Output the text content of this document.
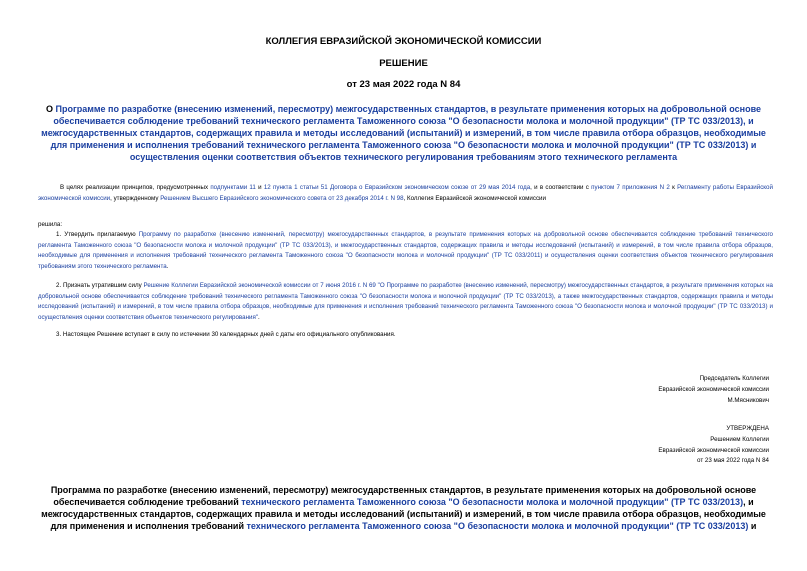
КОЛЛЕГИЯ ЕВРАЗИЙСКОЙ ЭКОНОМИЧЕСКОЙ КОМИССИИ
РЕШЕНИЕ
от 23 мая 2022 года N 84
О Программе по разработке (внесению изменений, пересмотру) межгосударственных стандартов, в результате применения которых на добровольной основе обеспечивается соблюдение требований технического регламента Таможенного союза "О безопасности молока и молочной продукции" (ТР ТС 033/2013), и межгосударственных стандартов, содержащих правила и методы исследований (испытаний) и измерений, в том числе правила отбора образцов, необходимые для применения и исполнения требований технического регламента Таможенного союза "О безопасности молока и молочной продукции" (ТР ТС 033/2013) и осуществления оценки соответствия объектов технического регулирования требованиям этого технического регламента
В целях реализации принципов, предусмотренных подпунктами 11 и 12 пункта 1 статьи 51 Договора о Евразийском экономическом союзе от 29 мая 2014 года, и в соответствии с пунктом 7 приложения N 2 к Регламенту работы Евразийской экономической комиссии, утвержденному Решением Высшего Евразийского экономического совета от 23 декабря 2014 г. N 98, Коллегия Евразийской экономической комиссии
решила:
1. Утвердить прилагаемую Программу по разработке (внесению изменений, пересмотру) межгосударственных стандартов, в результате применения которых на добровольной основе обеспечивается соблюдение требований технического регламента Таможенного союза "О безопасности молока и молочной продукции" (ТР ТС 033/2013), и межгосударственных стандартов, содержащих правила и методы исследований (испытаний) и измерений, в том числе правила отбора образцов, необходимые для применения и исполнения требований технического регламента Таможенного союза "О безопасности молока и молочной продукции" (ТР ТС 033/2011) и осуществления оценки соответствия объектов технического регулирования требованиям этого технического регламента.
2. Признать утратившим силу Решение Коллегии Евразийской экономической комиссии от 7 июня 2016 г. N 69 "О Программе по разработке (внесению изменений, пересмотру) межгосударственных стандартов, в результате применения которых на добровольной основе обеспечивается соблюдение требований технического регламента Таможенного союза "О безопасности молока и молочной продукции" (ТР ТС 033/2013), а также межгосударственных стандартов, содержащих правила и методы исследований (испытаний) и измерений, в том числе правила отбора образцов, необходимые для применения и исполнения требований технического регламента Таможенного союза "О безопасности молока и молочной продукции" (ТР ТС 033/2013) и осуществления оценки соответствия объектов технического регулирования".
3. Настоящее Решение вступает в силу по истечении 30 календарных дней с даты его официального опубликования.
Председатель Коллегии
Евразийской экономической комиссии
М.Мясникович
УТВЕРЖДЕНА
Решением Коллегии
Евразийской экономической комиссии
от 23 мая 2022 года N 84
Программа по разработке (внесению изменений, пересмотру) межгосударственных стандартов, в результате применения которых на добровольной основе обеспечивается соблюдение требований технического регламента Таможенного союза "О безопасности молока и молочной продукции" (ТР ТС 033/2013), и межгосударственных стандартов, содержащих правила и методы исследований (испытаний) и измерений, в том числе правила отбора образцов, необходимые для применения и исполнения требований технического регламента Таможенного союза "О безопасности молока и молочной продукции" (ТР ТС 033/2013) и
